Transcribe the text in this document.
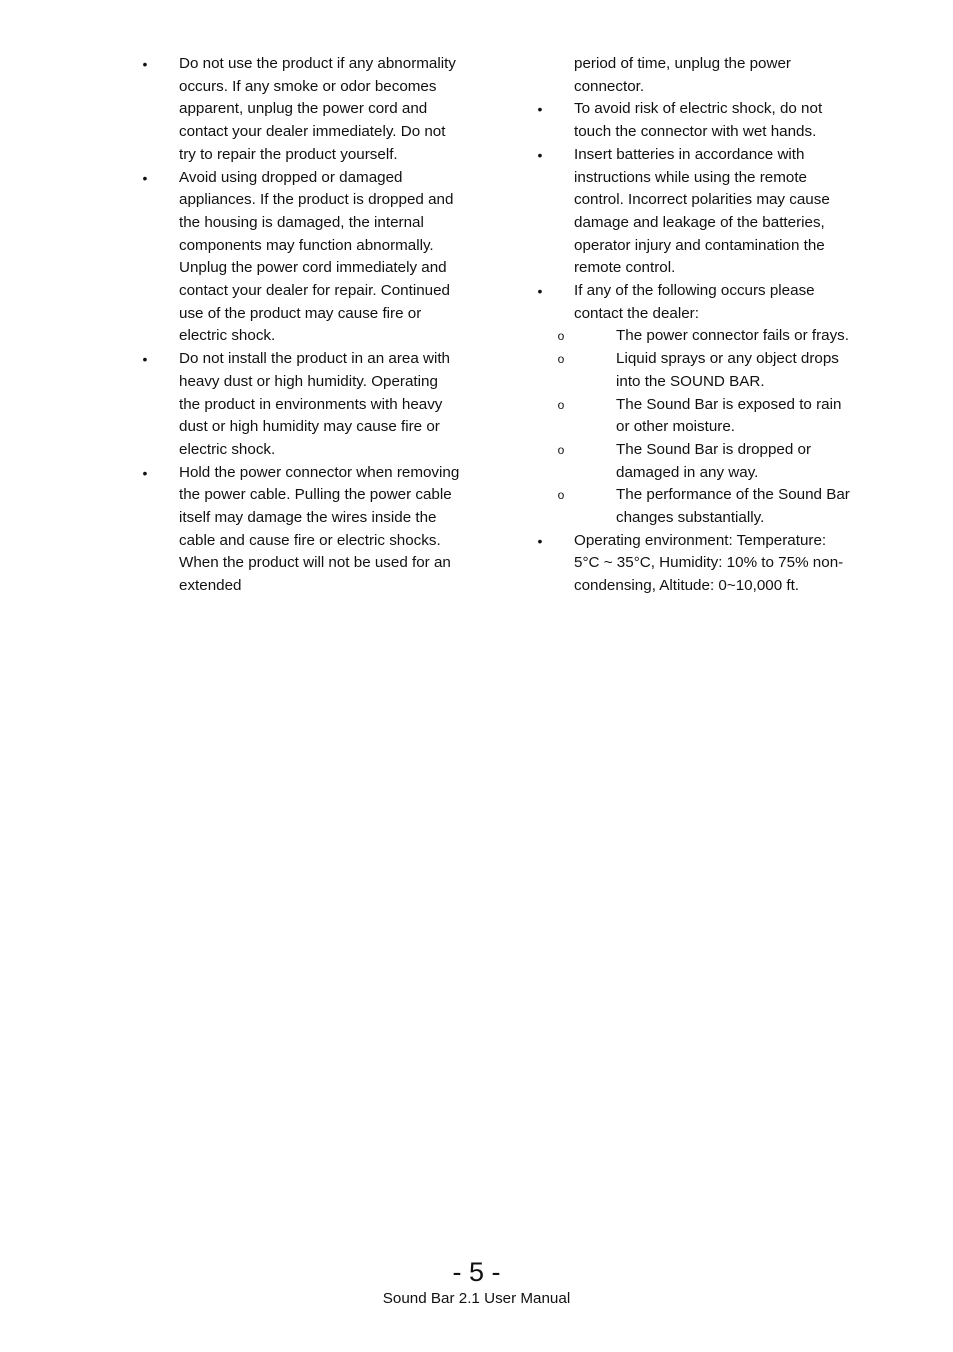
• Do not use the product if any abnormality occurs. If any smoke or odor becomes apparent, unplug the power cord and contact your dealer immediately. Do not try to repair the product yourself.
• Avoid using dropped or damaged appliances. If the product is dropped and the housing is damaged, the internal components may function abnormally. Unplug the power cord immediately and contact your dealer for repair. Continued use of the product may cause fire or electric shock.
• Do not install the product in an area with heavy dust or high humidity. Operating the product in environments with heavy dust or high humidity may cause fire or electric shock.
• Hold the power connector when removing the power cable. Pulling the power cable itself may damage the wires inside the cable and cause fire or electric shocks. When the product will not be used for an extended
period of time, unplug the power connector.
• To avoid risk of electric shock, do not touch the connector with wet hands.
• Insert batteries in accordance with instructions while using the remote control. Incorrect polarities may cause damage and leakage of the batteries, operator injury and contamination the remote control.
• If any of the following occurs please contact the dealer:
o	The power connector fails or frays.
o	Liquid sprays or any object drops into the SOUND BAR.
o	The Sound Bar is exposed to rain or other moisture.
o	The Sound Bar is dropped or damaged in any way.
o	The performance of the Sound Bar changes substantially.
• Operating environment: Temperature: 5°C ~ 35°C, Humidity: 10% to 75% non-condensing, Altitude: 0~10,000 ft.
- 5 -
Sound Bar 2.1 User Manual
